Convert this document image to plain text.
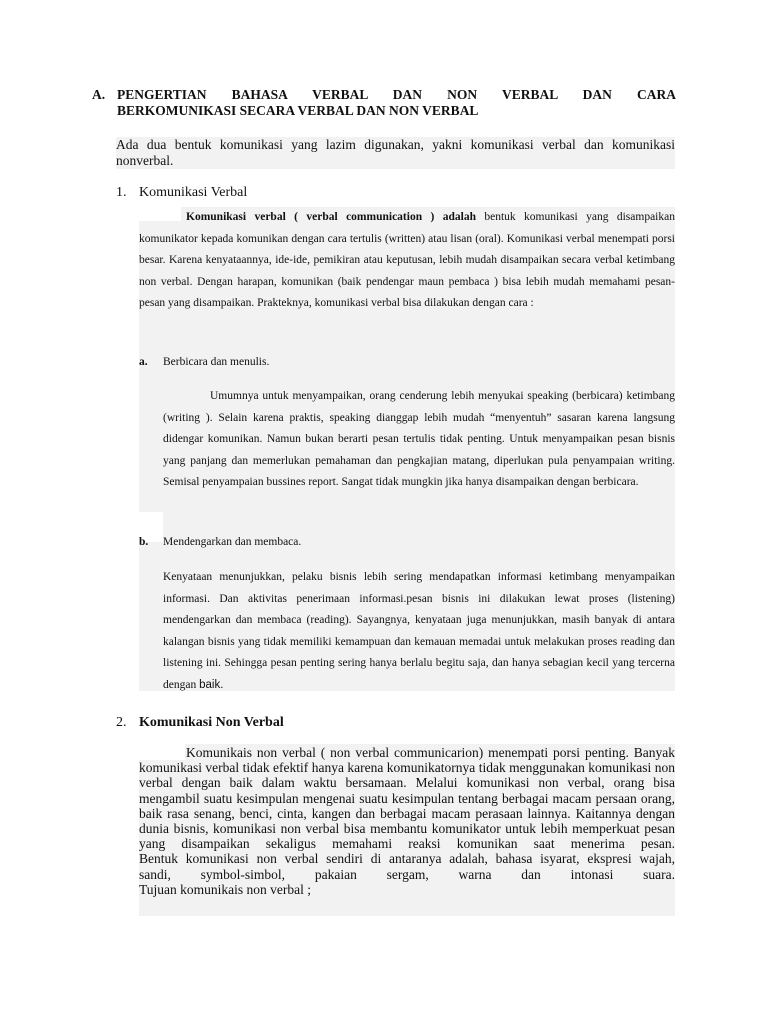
A. PENGERTIAN BAHASA VERBAL DAN NON VERBAL DAN CARA
BERKOMUNIKASI SECARA VERBAL DAN NON VERBAL
Ada dua bentuk komunikasi yang lazim digunakan, yakni komunikasi verbal dan komunikasi nonverbal.
1. Komunikasi Verbal
Komunikasi verbal ( verbal communication ) adalah bentuk komunikasi yang disampaikan komunikator kepada komunikan dengan cara tertulis (written) atau lisan (oral). Komunikasi verbal menempati porsi besar. Karena kenyataannya, ide-ide, pemikiran atau keputusan, lebih mudah disampaikan secara verbal ketimbang non verbal. Dengan harapan, komunikan (baik pendengar maun pembaca ) bisa lebih mudah memahami pesan-pesan yang disampaikan. Prakteknya, komunikasi verbal bisa dilakukan dengan cara :
a. Berbicara dan menulis.
Umumnya untuk menyampaikan, orang cenderung lebih menyukai speaking (berbicara) ketimbang (writing ). Selain karena praktis, speaking dianggap lebih mudah “menyentuh” sasaran karena langsung didengar komunikan. Namun bukan berarti pesan tertulis tidak penting. Untuk menyampaikan pesan bisnis yang panjang dan memerlukan pemahaman dan pengkajian matang, diperlukan pula penyampaian writing. Semisal penyampaian bussines report. Sangat tidak mungkin jika hanya disampaikan dengan berbicara.
b. Mendengarkan dan membaca.
Kenyataan menunjukkan, pelaku bisnis lebih sering mendapatkan informasi ketimbang menyampaikan informasi. Dan aktivitas penerimaan informasi.pesan bisnis ini dilakukan lewat proses (listening) mendengarkan dan membaca (reading). Sayangnya, kenyataan juga menunjukkan, masih banyak di antara kalangan bisnis yang tidak memiliki kemampuan dan kemauan memadai untuk melakukan proses reading dan listening ini. Sehingga pesan penting sering hanya berlalu begitu saja, dan hanya sebagian kecil yang tercerna dengan baik.
2. Komunikasi Non Verbal
Komunikais non verbal ( non verbal communicarion) menempati porsi penting. Banyak komunikasi verbal tidak efektif hanya karena komunikatornya tidak menggunakan komunikasi non verbal dengan baik dalam waktu bersamaan. Melalui komunikasi non verbal, orang bisa mengambil suatu kesimpulan mengenai suatu kesimpulan tentang berbagai macam persaan orang, baik rasa senang, benci, cinta, kangen dan berbagai macam perasaan lainnya. Kaitannya dengan dunia bisnis, komunikasi non verbal bisa membantu komunikator untuk lebih memperkuat pesan yang disampaikan sekaligus memahami reaksi komunikan saat menerima pesan.
Bentuk komunikasi non verbal sendiri di antaranya adalah, bahasa isyarat, ekspresi wajah,
sandi, symbol-simbol, pakaian sergam, warna dan intonasi suara.
Tujuan komunikais non verbal ;
